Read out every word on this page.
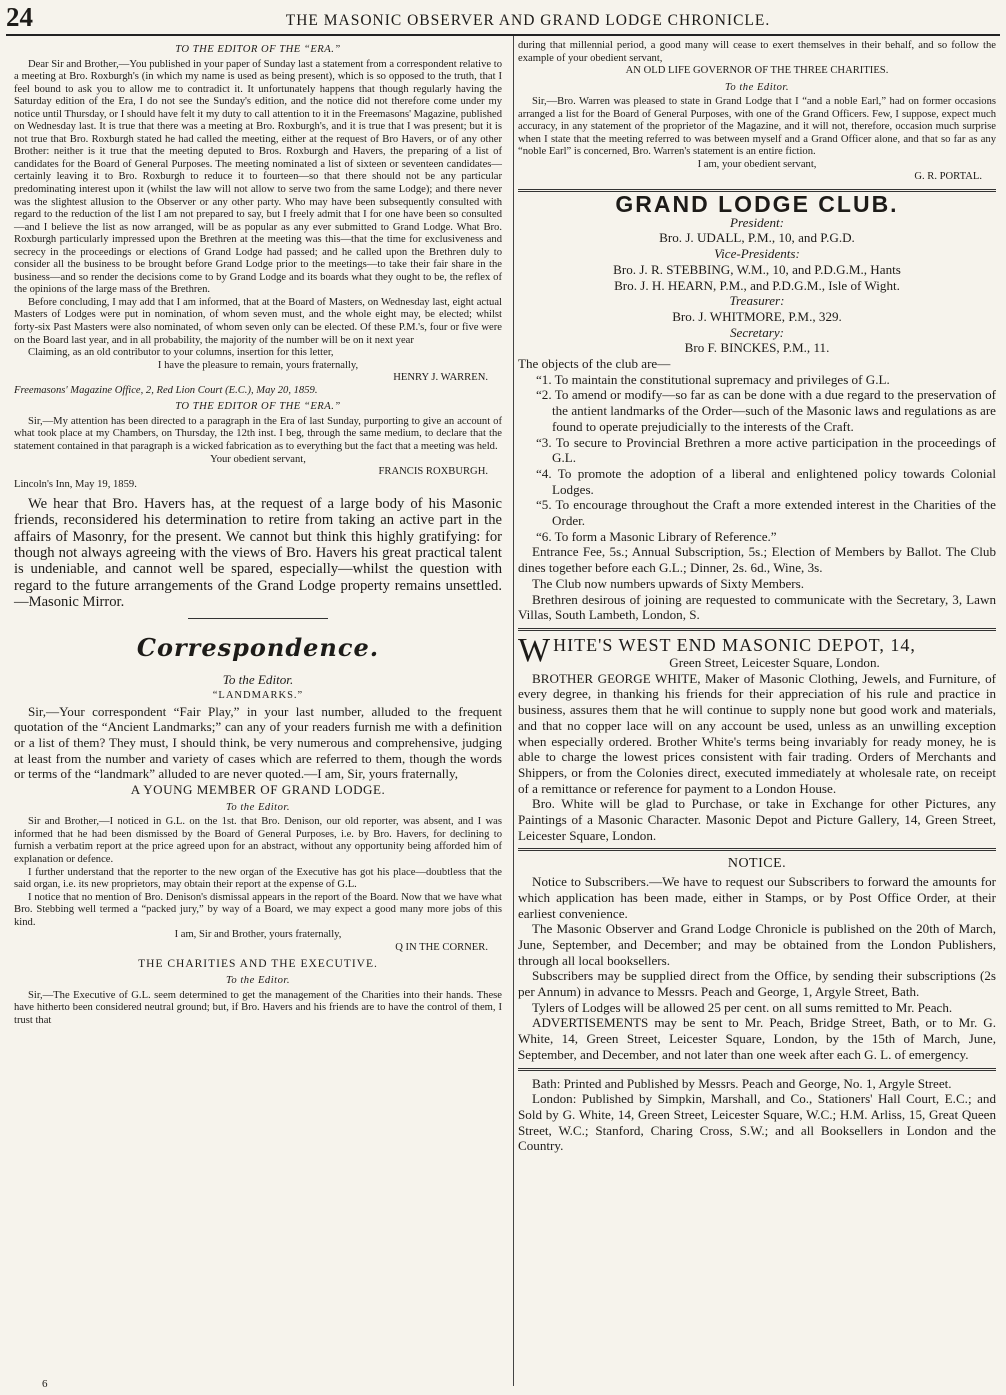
24	THE MASONIC OBSERVER AND GRAND LODGE CHRONICLE.
TO THE EDITOR OF THE “ERA.”

Dear Sir and Brother,—You published in your paper of Sunday last a statement from a correspondent relative to a meeting at Bro. Roxburgh's (in which my name is used as being present), which is so opposed to the truth, that I feel bound to ask you to allow me to contradict it. It unfortunately happens that though regularly having the Saturday edition of the Era, I do not see the Sunday's edition, and the notice did not therefore come under my notice until Thursday, or I should have felt it my duty to call attention to it in the Freemasons' Magazine, published on Wednesday last. It is true that there was a meeting at Bro. Roxburgh's, and it is true that I was present; but it is not true that Bro. Roxburgh stated he had called the meeting, either at the request of Bro Havers, or of any other Brother: neither is it true that the meeting deputed to Bros. Roxburgh and Havers, the preparing of a list of candidates for the Board of General Purposes. The meeting nominated a list of sixteen or seventeen candidates—certainly leaving it to Bro. Roxburgh to reduce it to fourteen—so that there should not be any particular predominating interest upon it (whilst the law will not allow to serve two from the same Lodge); and there never was the slightest allusion to the Observer or any other party. Who may have been subsequently consulted with regard to the reduction of the list I am not prepared to say, but I freely admit that I for one have been so consulted—and I believe the list as now arranged, will be as popular as any ever submitted to Grand Lodge. What Bro. Roxburgh particularly impressed upon the Brethren at the meeting was this—that the time for exclusiveness and secrecy in the proceedings or elections of Grand Lodge had passed; and he called upon the Brethren duly to consider all the business to be brought before Grand Lodge prior to the meetings—to take their fair share in the business—and so render the decisions come to by Grand Lodge and its boards what they ought to be, the reflex of the opinions of the large mass of the Brethren.

Before concluding, I may add that I am informed, that at the Board of Masters, on Wednesday last, eight actual Masters of Lodges were put in nomination, of whom seven must, and the whole eight may, be elected; whilst forty-six Past Masters were also nominated, of whom seven only can be elected. Of these P.M.'s, four or five were on the Board last year, and in all probability, the majority of the number will be on it next year

Claiming, as an old contributor to your columns, insertion for this letter,

I have the pleasure to remain, yours fraternally,

HENRY J. WARREN.

Freemasons' Magazine Office, 2, Red Lion Court (E.C.), May 20, 1859.

TO THE EDITOR OF THE “ERA.”

Sir,—My attention has been directed to a paragraph in the Era of last Sunday, purporting to give an account of what took place at my Chambers, on Thursday, the 12th inst. I beg, through the same medium, to declare that the statement contained in that paragraph is a wicked fabrication as to everything but the fact that a meeting was held.

Your obedient servant,

FRANCIS ROXBURGH.

Lincoln's Inn, May 19, 1859.

We hear that Bro. Havers has, at the request of a large body of his Masonic friends, reconsidered his determination to retire from taking an active part in the affairs of Masonry, for the present. We cannot but think this highly gratifying: for though not always agreeing with the views of Bro. Havers his great practical talent is undeniable, and cannot well be spared, especially—whilst the question with regard to the future arrangements of the Grand Lodge property remains unsettled.—Masonic Mirror.

Correspondence.
To the Editor.
“LANDMARKS.”

Sir,—Your correspondent “Fair Play,” in your last number, alluded to the frequent quotation of the “Ancient Landmarks;” can any of your readers furnish me with a definition or a list of them? They must, I should think, be very numerous and comprehensive, judging at least from the number and variety of cases which are referred to them, though the words or terms of the “landmark” alluded to are never quoted.—I am, Sir, yours fraternally,

A YOUNG MEMBER OF GRAND LODGE.

To the Editor.

Sir and Brother,—I noticed in G.L. on the 1st. that Bro. Denison, our old reporter, was absent, and I was informed that he had been dismissed by the Board of General Purposes, i.e. by Bro. Havers, for declining to furnish a verbatim report at the price agreed upon for an abstract, without any opportunity being afforded him of explanation or defence.

I further understand that the reporter to the new organ of the Executive has got his place—doubtless that the said organ, i.e. its new proprietors, may obtain their report at the expense of G.L.

I notice that no mention of Bro. Denison's dismissal appears in the report of the Board. Now that we have what Bro. Stebbing well termed a “packed jury,” by way of a Board, we may expect a good many more jobs of this kind.

I am, Sir and Brother, yours fraternally,

Q IN THE CORNER.

THE CHARITIES AND THE EXECUTIVE.
To the Editor.

Sir,—The Executive of G.L. seem determined to get the management of the Charities into their hands. These have hitherto been considered neutral ground; but, if Bro. Havers and his friends are to have the control of them, I trust that

6

during that millennial period, a good many will cease to exert themselves in their behalf, and so follow the example of your obedient servant,

AN OLD LIFE GOVERNOR OF THE THREE CHARITIES.

To the Editor.

Sir,—Bro. Warren was pleased to state in Grand Lodge that I “and a noble Earl,” had on former occasions arranged a list for the Board of General Purposes, with one of the Grand Officers. Few, I suppose, expect much accuracy, in any statement of the proprietor of the Magazine, and it will not, therefore, occasion much surprise when I state that the meeting referred to was between myself and a Grand Officer alone, and that so far as any “noble Earl” is concerned, Bro. Warren's statement is an entire fiction.

I am, your obedient servant,

G. R. PORTAL.

GRAND LODGE CLUB.
President:
Bro. J. UDALL, P.M., 10, and P.G.D.
Vice-Presidents:
Bro. J. R. STEBBING, W.M., 10, and P.D.G.M., Hants
Bro. J. H. HEARN, P.M., and P.D.G.M., Isle of Wight.
Treasurer:
Bro. J. WHITMORE, P.M., 329.
Secretary:
Bro F. BINCKES, P.M., 11.

The objects of the club are—

“1. To maintain the constitutional supremacy and privileges of G.L.

“2. To amend or modify—so far as can be done with a due regard to the preservation of the antient landmarks of the Order—such of the Masonic laws and regulations as are found to operate prejudicially to the interests of the Craft.

“3. To secure to Provincial Brethren a more active participation in the proceedings of G.L.

“4. To promote the adoption of a liberal and enlightened policy towards Colonial Lodges.

“5. To encourage throughout the Craft a more extended interest in the Charities of the Order.

“6. To form a Masonic Library of Reference.”

Entrance Fee, 5s.; Annual Subscription, 5s.; Election of Members by Ballot. The Club dines together before each G.L.; Dinner, 2s. 6d., Wine, 3s.

The Club now numbers upwards of Sixty Members.

Brethren desirous of joining are requested to communicate with the Secretary, 3, Lawn Villas, South Lambeth, London, S.

W HITE'S WEST END MASONIC DEPOT, 14,
Green Street, Leicester Square, London.

BROTHER GEORGE WHITE, Maker of Masonic Clothing, Jewels, and Furniture, of every degree, in thanking his friends for their appreciation of his rule and practice in business, assures them that he will continue to supply none but good work and materials, and that no copper lace will on any account be used, unless as an unwilling exception when especially ordered. Brother White's terms being invariably for ready money, he is able to charge the lowest prices consistent with fair trading. Orders of Merchants and Shippers, or from the Colonies direct, executed immediately at wholesale rate, on receipt of a remittance or reference for payment to a London House.

Bro. White will be glad to Purchase, or take in Exchange for other Pictures, any Paintings of a Masonic Character. Masonic Depot and Picture Gallery, 14, Green Street, Leicester Square, London.

NOTICE.

Notice to Subscribers.—We have to request our Subscribers to forward the amounts for which application has been made, either in Stamps, or by Post Office Order, at their earliest convenience.

The Masonic Observer and Grand Lodge Chronicle is published on the 20th of March, June, September, and December; and may be obtained from the London Publishers, through all local booksellers.

Subscribers may be supplied direct from the Office, by sending their subscriptions (2s per Annum) in advance to Messrs. Peach and George, 1, Argyle Street, Bath.

Tylers of Lodges will be allowed 25 per cent. on all sums remitted to Mr. Peach.

ADVERTISEMENTS may be sent to Mr. Peach, Bridge Street, Bath, or to Mr. G. White, 14, Green Street, Leicester Square, London, by the 15th of March, June, September, and December, and not later than one week after each G. L. of emergency.

Bath: Printed and Published by Messrs. Peach and George, No. 1, Argyle Street.

London: Published by Simpkin, Marshall, and Co., Stationers' Hall Court, E.C.; and Sold by G. White, 14, Green Street, Leicester Square, W.C.; H.M. Arliss, 15, Great Queen Street, W.C.; Stanford, Charing Cross, S.W.; and all Booksellers in London and the Country.
